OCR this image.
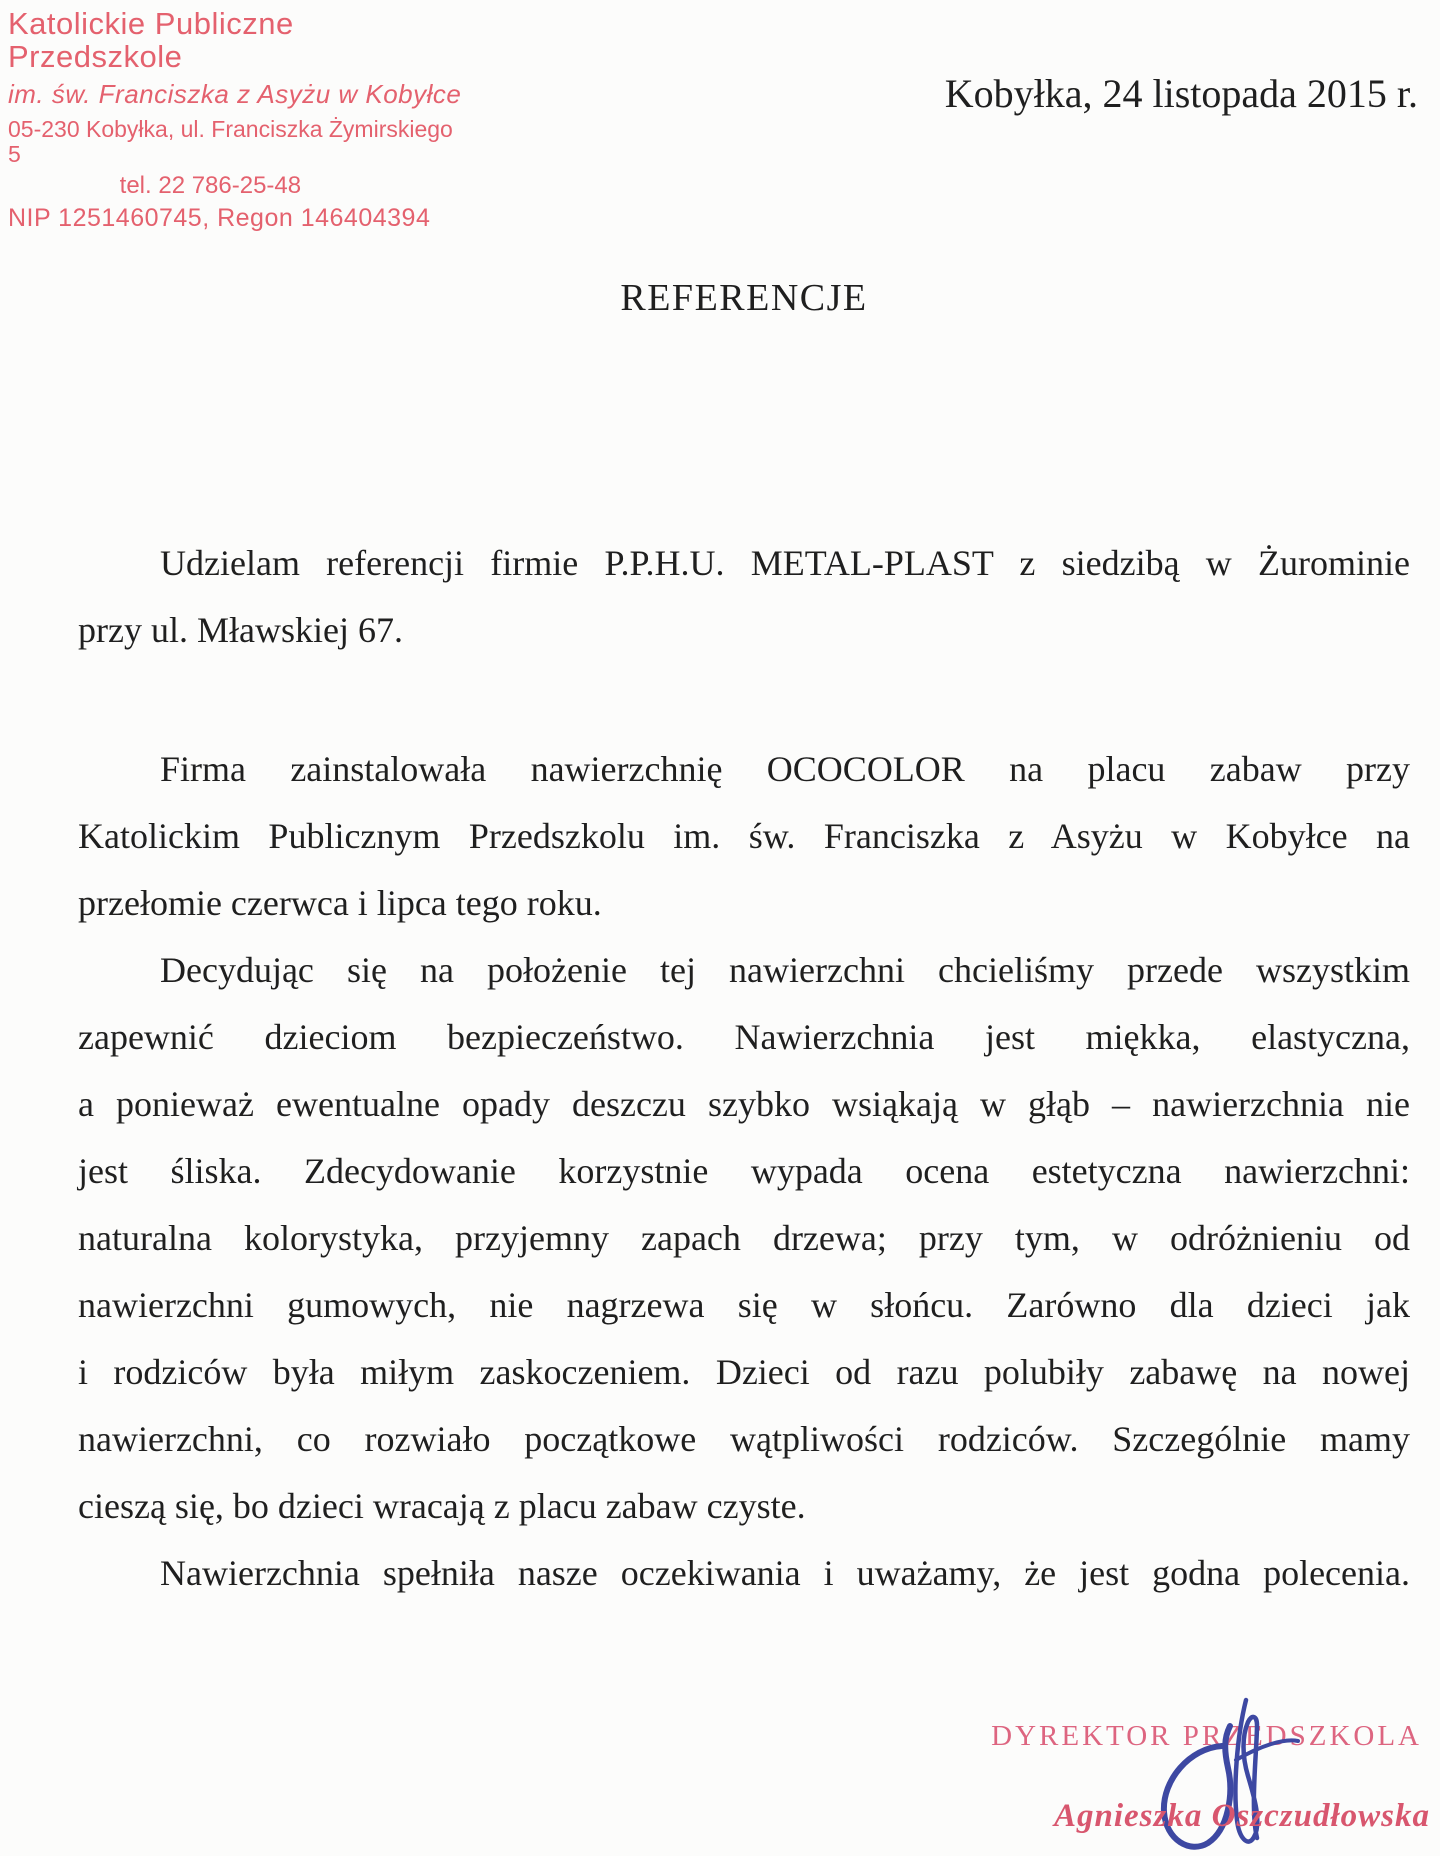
Katolickie Publiczne Przedszkole
im. św. Franciszka z Asyżu w Kobyłce
05-230 Kobyłka, ul. Franciszka Żymirskiego 5
tel. 22 786-25-48
NIP 1251460745, Regon 146404394
Kobyłka, 24 listopada 2015 r.
REFERENCJE
Udzielam referencji firmie P.P.H.U. METAL-PLAST z siedzibą w Żurominie
przy ul. Mławskiej 67.
Firma zainstalowała nawierzchnię OCOCOLOR na placu zabaw przy
Katolickim Publicznym Przedszkolu im. św. Franciszka z Asyżu w Kobyłce na
przełomie czerwca i lipca tego roku.
Decydując się na położenie tej nawierzchni chcieliśmy przede wszystkim
zapewnić dzieciom bezpieczeństwo. Nawierzchnia jest miękka, elastyczna,
a ponieważ ewentualne opady deszczu szybko wsiąkają w głąb – nawierzchnia nie
jest śliska. Zdecydowanie korzystnie wypada ocena estetyczna nawierzchni:
naturalna kolorystyka, przyjemny zapach drzewa; przy tym, w odróżnieniu od
nawierzchni gumowych, nie nagrzewa się w słońcu. Zarówno dla dzieci jak
i rodziców była miłym zaskoczeniem. Dzieci od razu polubiły zabawę na nowej
nawierzchni, co rozwiało początkowe wątpliwości rodziców. Szczególnie mamy
cieszą się, bo dzieci wracają z placu zabaw czyste.
Nawierzchnia spełniła nasze oczekiwania i uważamy, że jest godna polecenia.
DYREKTOR PRZEDSZKOLA
Agnieszka Oszczudłowska
